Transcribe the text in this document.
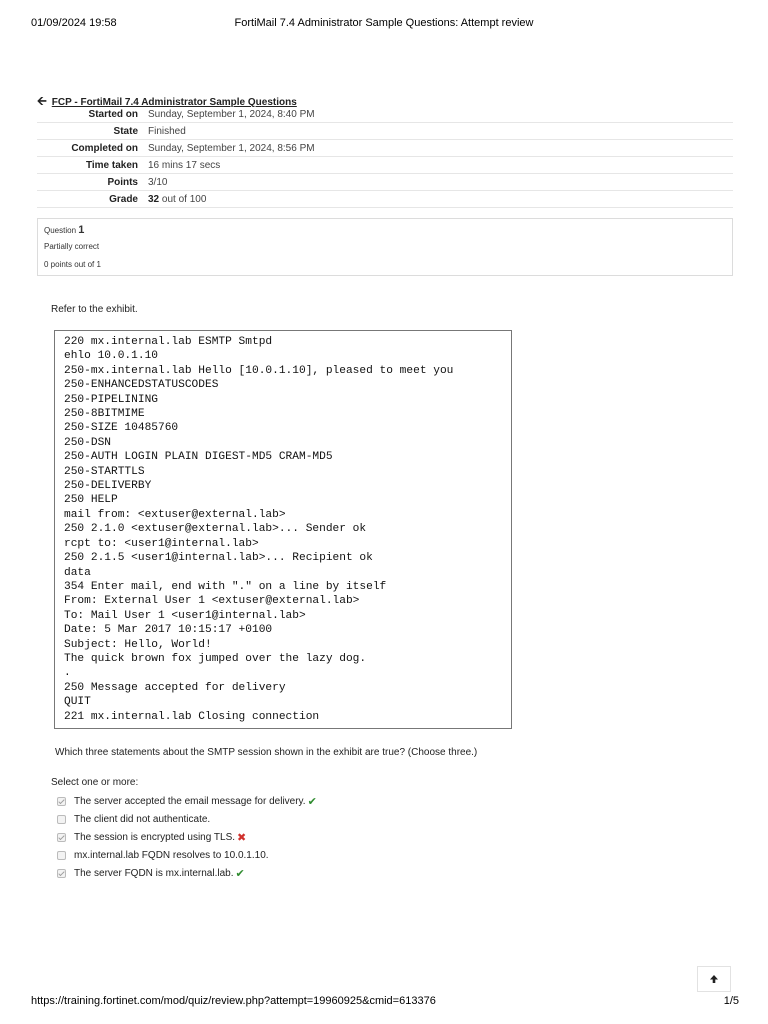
01/09/2024 19:58	FortiMail 7.4 Administrator Sample Questions: Attempt review
🡨 FCP - FortiMail 7.4 Administrator Sample Questions
Started on	Sunday, September 1, 2024, 8:40 PM
State	Finished
Completed on	Sunday, September 1, 2024, 8:56 PM
Time taken	16 mins 17 secs
Points	3/10
Grade	32 out of 100
Question 1
Partially correct
0 points out of 1
Refer to the exhibit.
220 mx.internal.lab ESMTP Smtpd
ehlo 10.0.1.10
250-mx.internal.lab Hello [10.0.1.10], pleased to meet you
250-ENHANCEDSTATUSCODES
250-PIPELINING
250-8BITMIME
250-SIZE 10485760
250-DSN
250-AUTH LOGIN PLAIN DIGEST-MD5 CRAM-MD5
250-STARTTLS
250-DELIVERBY
250 HELP
mail from: <extuser@external.lab>
250 2.1.0 <extuser@external.lab>... Sender ok
rcpt to: <user1@internal.lab>
250 2.1.5 <user1@internal.lab>... Recipient ok
data
354 Enter mail, end with "." on a line by itself
From: External User 1 <extuser@external.lab>
To: Mail User 1 <user1@internal.lab>
Date: 5 Mar 2017 10:15:17 +0100
Subject: Hello, World!
The quick brown fox jumped over the lazy dog.
.
250 Message accepted for delivery
QUIT
221 mx.internal.lab Closing connection
Which three statements about the SMTP session shown in the exhibit are true? (Choose three.)
Select one or more:
The server accepted the email message for delivery. ✔
The client did not authenticate.
The session is encrypted using TLS. ✖
mx.internal.lab FQDN resolves to 10.0.1.10.
The server FQDN is mx.internal.lab. ✔
https://training.fortinet.com/mod/quiz/review.php?attempt=19960925&cmid=613376	1/5
